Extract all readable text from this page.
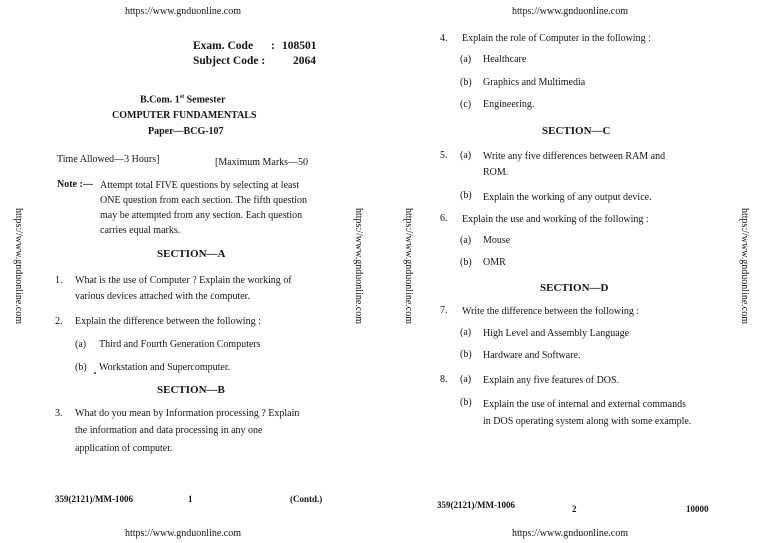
https://www.gnduonline.com
https://www.gnduonline.com	https://www.gnduonline.com
Exam. Code : 108501
Subject Code : 2064
B.Com. 1st Semester
COMPUTER FUNDAMENTALS
Paper—BCG-107
Time Allowed—3 Hours]	[Maximum Marks—50
Note :— Attempt total FIVE questions by selecting at least
ONE question from each section. The fifth question
may be attempted from any section. Each question
carries equal marks.
SECTION—A
1. What is the use of Computer ? Explain the working of
various devices attached with the computer.
2. Explain the difference between the following :
(a) Third and Fourth Generation Computers
(b) Workstation and Supercomputer.
SECTION—B
3. What do you mean by Information processing ? Explain
the information and data processing in any one
application of computer.
359(2121)/MM-1006	1	(Contd.)
https://www.gnduonline.com
https://www.gnduonline.com
https://www.gnduonline.com	https://www.gnduonline.com
4. Explain the role of Computer in the following :
(a) Healthcare
(b) Graphics and Multimedia
(c) Engineering.
SECTION—C
5. (a) Write any five differences between RAM and
ROM.
(b) Explain the working of any output device.
6. Explain the use and working of the following :
(a) Mouse
(b) OMR
SECTION—D
7. Write the difference between the following :
(a) High Level and Assembly Language
(b) Hardware and Software.
8. (a) Explain any five features of DOS.
(b) Explain the use of internal and external commands
in DOS operating system along with some example.
359(2121)/MM-1006	2	10000
https://www.gnduonline.com
